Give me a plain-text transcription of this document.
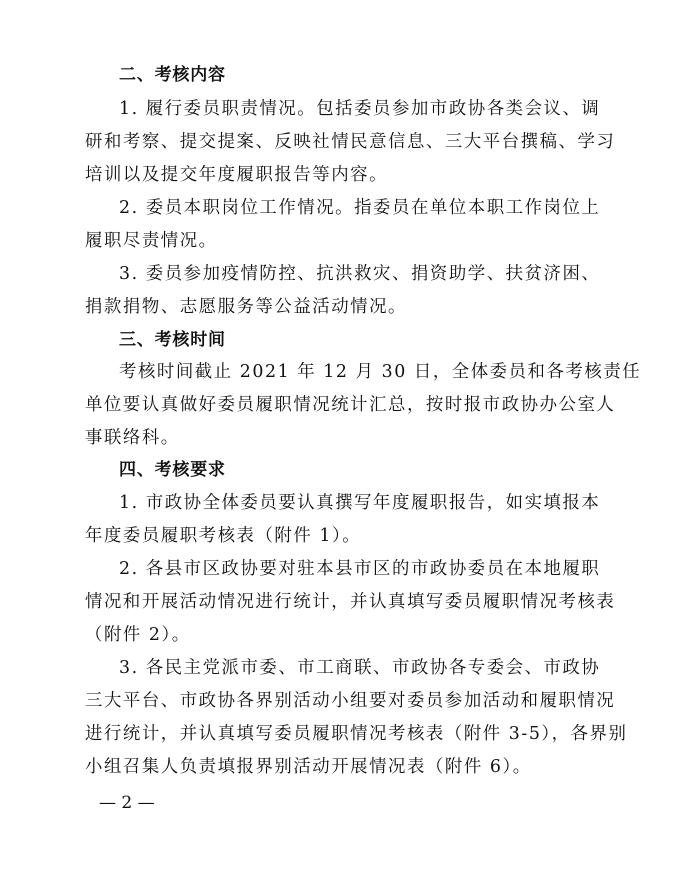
二、考核内容
1. 履行委员职责情况。包括委员参加市政协各类会议、调
研和考察、提交提案、反映社情民意信息、三大平台撰稿、学习
培训以及提交年度履职报告等内容。
2. 委员本职岗位工作情况。指委员在单位本职工作岗位上
履职尽责情况。
3. 委员参加疫情防控、抗洪救灾、捐资助学、扶贫济困、
捐款捐物、志愿服务等公益活动情况。
三、考核时间
考核时间截止 2021 年 12 月 30 日，全体委员和各考核责任
单位要认真做好委员履职情况统计汇总，按时报市政协办公室人
事联络科。
四、考核要求
1. 市政协全体委员要认真撰写年度履职报告，如实填报本
年度委员履职考核表（附件 1）。
2. 各县市区政协要对驻本县市区的市政协委员在本地履职
情况和开展活动情况进行统计，并认真填写委员履职情况考核表
（附件 2）。
3. 各民主党派市委、市工商联、市政协各专委会、市政协
三大平台、市政协各界别活动小组要对委员参加活动和履职情况
进行统计，并认真填写委员履职情况考核表（附件 3-5），各界别
小组召集人负责填报界别活动开展情况表（附件 6）。
— 2 —
